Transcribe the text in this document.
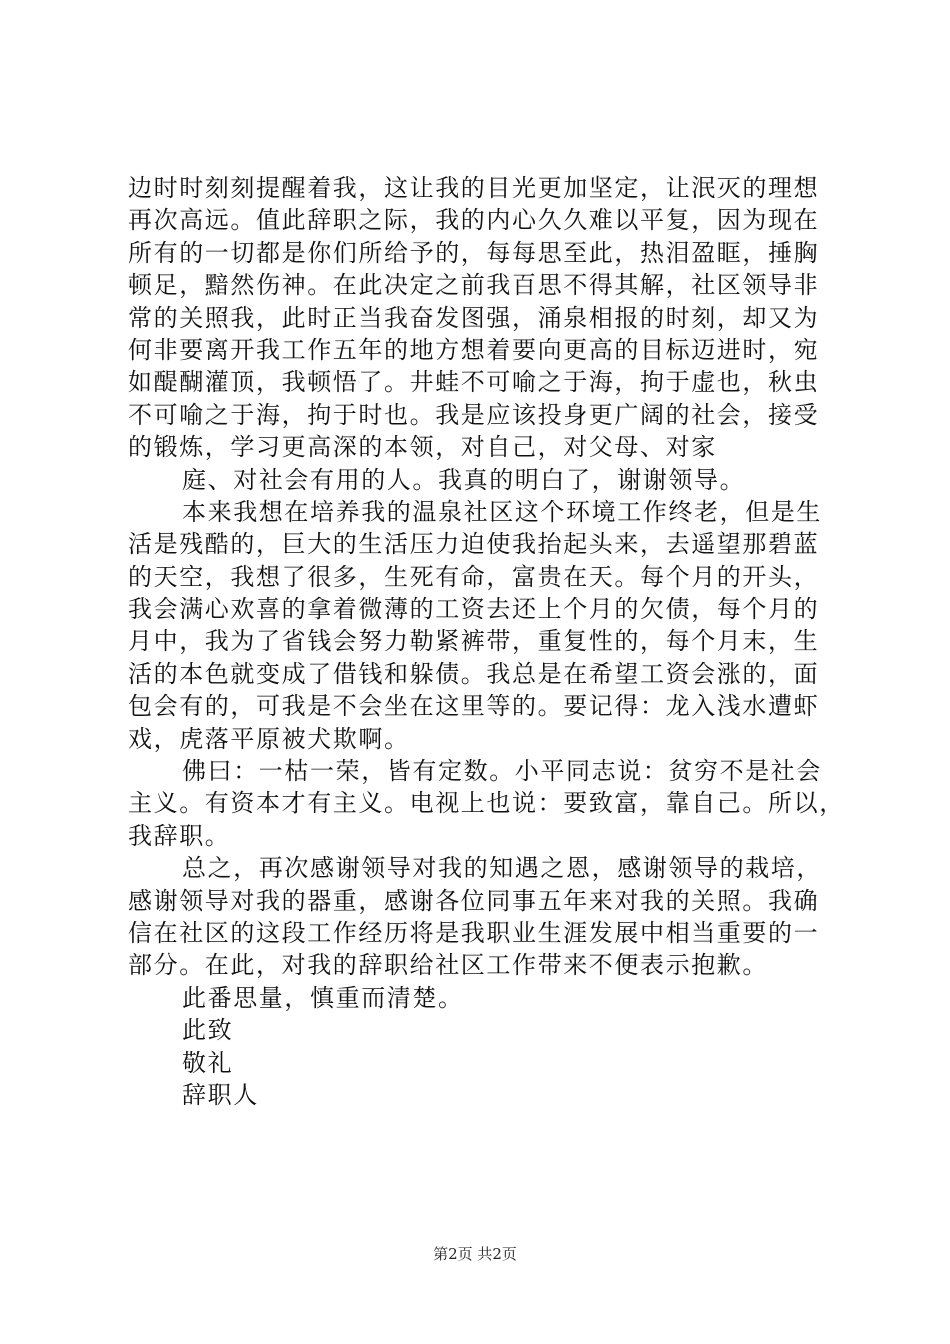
边时时刻刻提醒着我，这让我的目光更加坚定，让泯灭的理想
再次高远。值此辞职之际，我的内心久久难以平复，因为现在
所有的一切都是你们所给予的，每每思至此，热泪盈眶，捶胸
顿足，黯然伤神。在此决定之前我百思不得其解，社区领导非
常的关照我，此时正当我奋发图强，涌泉相报的时刻，却又为
何非要离开我工作五年的地方想着要向更高的目标迈进时，宛
如醍醐灌顶，我顿悟了。井蛙不可喻之于海，拘于虚也，秋虫
不可喻之于海，拘于时也。我是应该投身更广阔的社会，接受
的锻炼，学习更高深的本领，对自己，对父母、对家
庭、对社会有用的人。我真的明白了，谢谢领导。
本来我想在培养我的温泉社区这个环境工作终老，但是生
活是残酷的，巨大的生活压力迫使我抬起头来，去遥望那碧蓝
的天空，我想了很多，生死有命，富贵在天。每个月的开头，
我会满心欢喜的拿着微薄的工资去还上个月的欠债，每个月的
月中，我为了省钱会努力勒紧裤带，重复性的，每个月末，生
活的本色就变成了借钱和躲债。我总是在希望工资会涨的，面
包会有的，可我是不会坐在这里等的。要记得：龙入浅水遭虾
戏，虎落平原被犬欺啊。
佛曰：一枯一荣，皆有定数。小平同志说：贫穷不是社会
主义。有资本才有主义。电视上也说：要致富，靠自己。所以，
我辞职。
总之，再次感谢领导对我的知遇之恩，感谢领导的栽培，
感谢领导对我的器重，感谢各位同事五年来对我的关照。我确
信在社区的这段工作经历将是我职业生涯发展中相当重要的一
部分。在此，对我的辞职给社区工作带来不便表示抱歉。
此番思量，慎重而清楚。
此致
敬礼
辞职人
第2页 共2页
